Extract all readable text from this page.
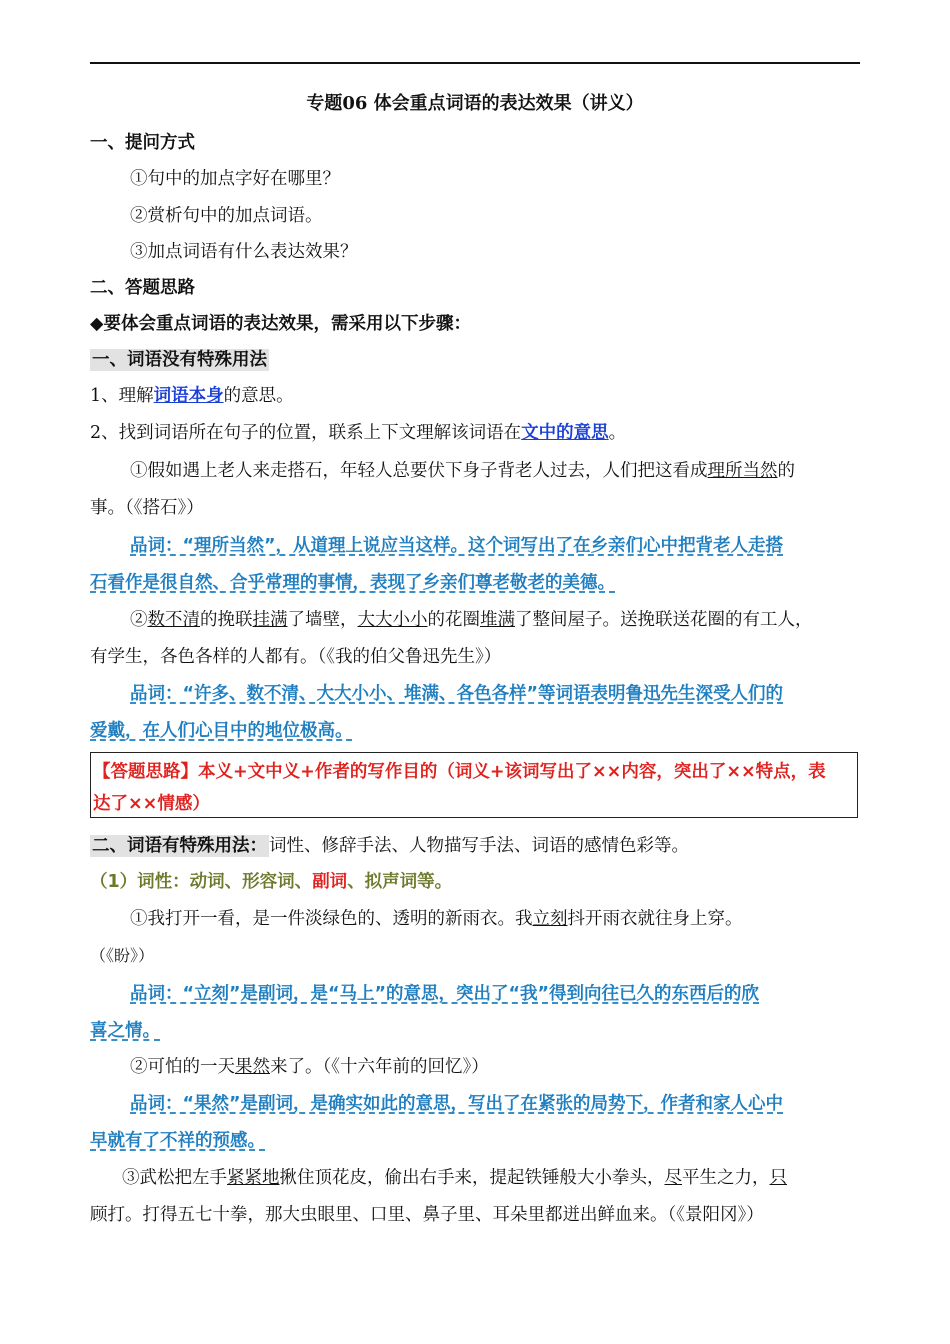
专题06 体会重点词语的表达效果（讲义）
一、提问方式
①句中的加点字好在哪里？
②赏析句中的加点词语。
③加点词语有什么表达效果？
二、答题思路
◆要体会重点词语的表达效果，需采用以下步骤：
一、词语没有特殊用法
1、理解词语本身的意思。
2、找到词语所在句子的位置，联系上下文理解该词语在文中的意思。
①假如遇上老人来走搭石，年轻人总要伏下身子背老人过去，人们把这看成理所当然的
事。（《搭石》）
品词：“理所当然”，从道理上说应当这样。这个词写出了在乡亲们心中把背老人走搭
石看作是很自然、合乎常理的事情，表现了乡亲们尊老敬老的美德。
②数不清的挽联挂满了墙壁，大大小小的花圈堆满了整间屋子。送挽联送花圈的有工人，
有学生，各色各样的人都有。（《我的伯父鲁迅先生》）
品词：“许多、数不清、大大小小、堆满、各色各样”等词语表明鲁迅先生深受人们的
爱戴，在人们心目中的地位极高。
【答题思路】本义+文中义+作者的写作目的（词义+该词写出了××内容，突出了××特点，表
达了××情感）
二、词语有特殊用法： 词性、修辞手法、人物描写手法、词语的感情色彩等。
（1）词性：动词、形容词、副词、拟声词等。
①我打开一看，是一件淡绿色的、透明的新雨衣。我立刻抖开雨衣就往身上穿。
（《盼》）
品词：“立刻”是副词，是“马上”的意思，突出了“我”得到向往已久的东西后的欣
喜之情。
②可怕的一天果然来了。（《十六年前的回忆》）
品词：“果然”是副词，是确实如此的意思，写出了在紧张的局势下，作者和家人心中
早就有了不祥的预感。
③武松把左手紧紧地揪住顶花皮，偷出右手来，提起铁锤般大小拳头，尽平生之力，只
顾打。打得五七十拳，那大虫眼里、口里、鼻子里、耳朵里都迸出鲜血来。（《景阳冈》）
